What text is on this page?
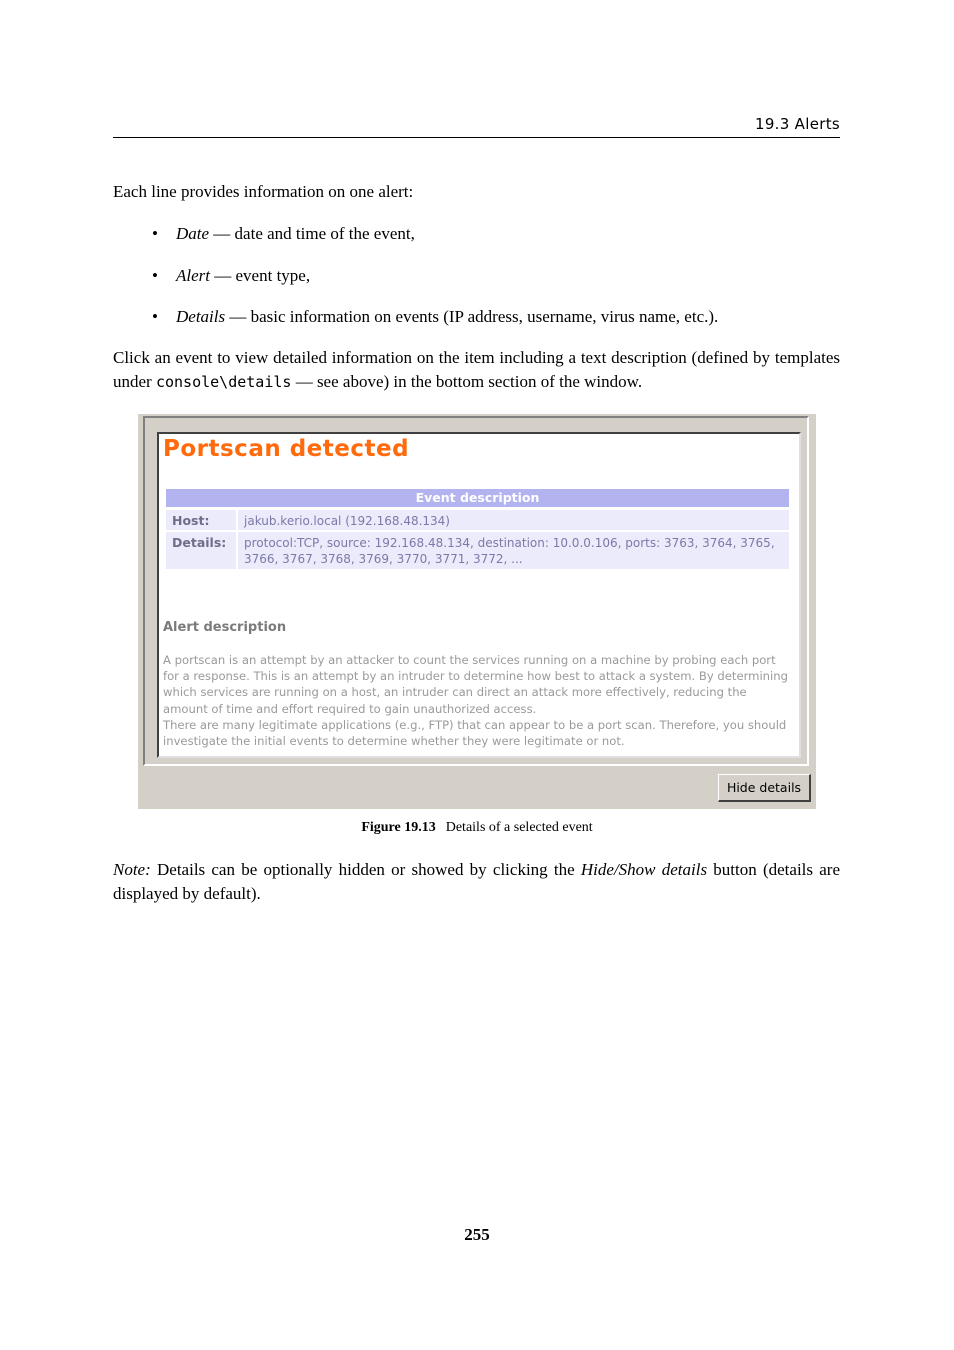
19.3 Alerts

Each line provides information on one alert:

• Date — date and time of the event,
• Alert — event type,
• Details — basic information on events (IP address, username, virus name, etc.).

Click an event to view detailed information on the item including a text description (defined by templates under console\details — see above) in the bottom section of the window.

Portscan detected
Event description
Host:	jakub.kerio.local (192.168.48.134)
Details:	protocol:TCP, source: 192.168.48.134, destination: 10.0.0.106, ports: 3763, 3764, 3765, 3766, 3767, 3768, 3769, 3770, 3771, 3772, ...
Alert description

A portscan is an attempt by an attacker to count the services running on a machine by probing each port for a response. This is an attempt by an intruder to determine how best to attack a system. By determining which services are running on a host, an intruder can direct an attack more effectively, reducing the amount of time and effort required to gain unauthorized access.

There are many legitimate applications (e.g., FTP) that can appear to be a port scan. Therefore, you should investigate the initial events to determine whether they were legitimate or not.

Hide details
Figure 19.13 Details of a selected event

Note: Details can be optionally hidden or showed by clicking the Hide/Show details button (details are displayed by default).

255
